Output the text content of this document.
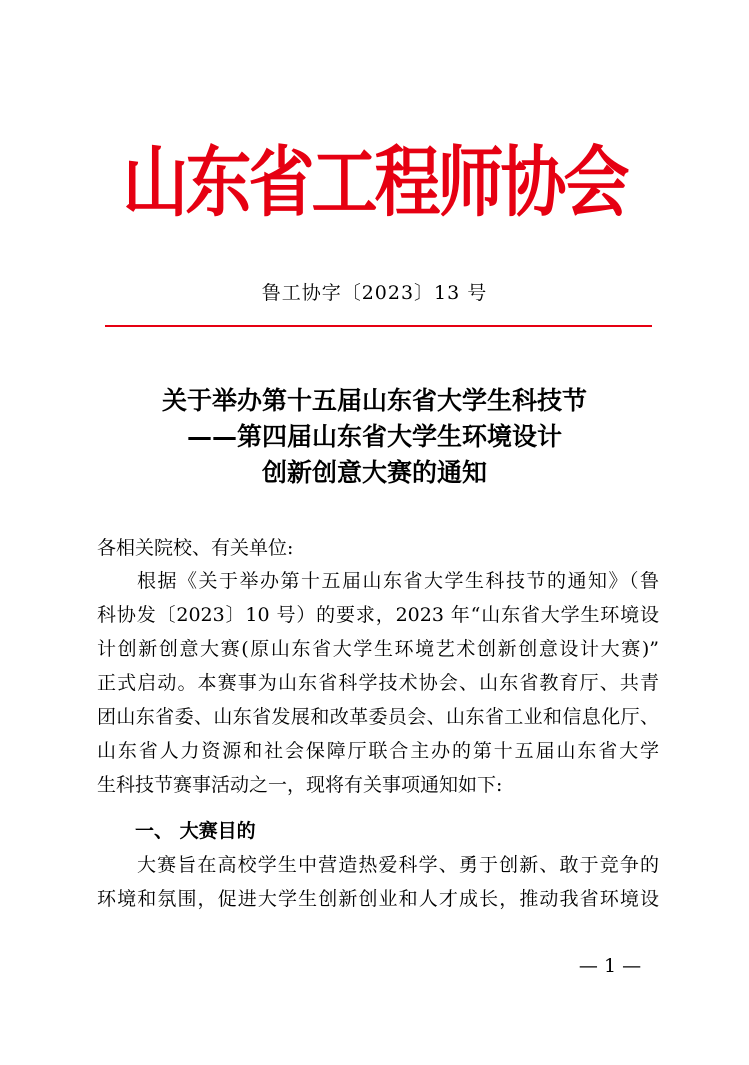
山东省工程师协会
鲁工协字〔2023〕13 号
关于举办第十五届山东省大学生科技节
——第四届山东省大学生环境设计
创新创意大赛的通知
各相关院校、有关单位:
根据《关于举办第十五届山东省大学生科技节的通知》（鲁
科协发〔2023〕10 号）的要求，2023 年“山东省大学生环境设
计创新创意大赛(原山东省大学生环境艺术创新创意设计大赛)”
正式启动。本赛事为山东省科学技术协会、山东省教育厅、共青
团山东省委、山东省发展和改革委员会、山东省工业和信息化厅、
山东省人力资源和社会保障厅联合主办的第十五届山东省大学
生科技节赛事活动之一，现将有关事项通知如下:
一、 大赛目的
大赛旨在高校学生中营造热爱科学、勇于创新、敢于竞争的
环境和氛围，促进大学生创新创业和人才成长，推动我省环境设
— 1 —
